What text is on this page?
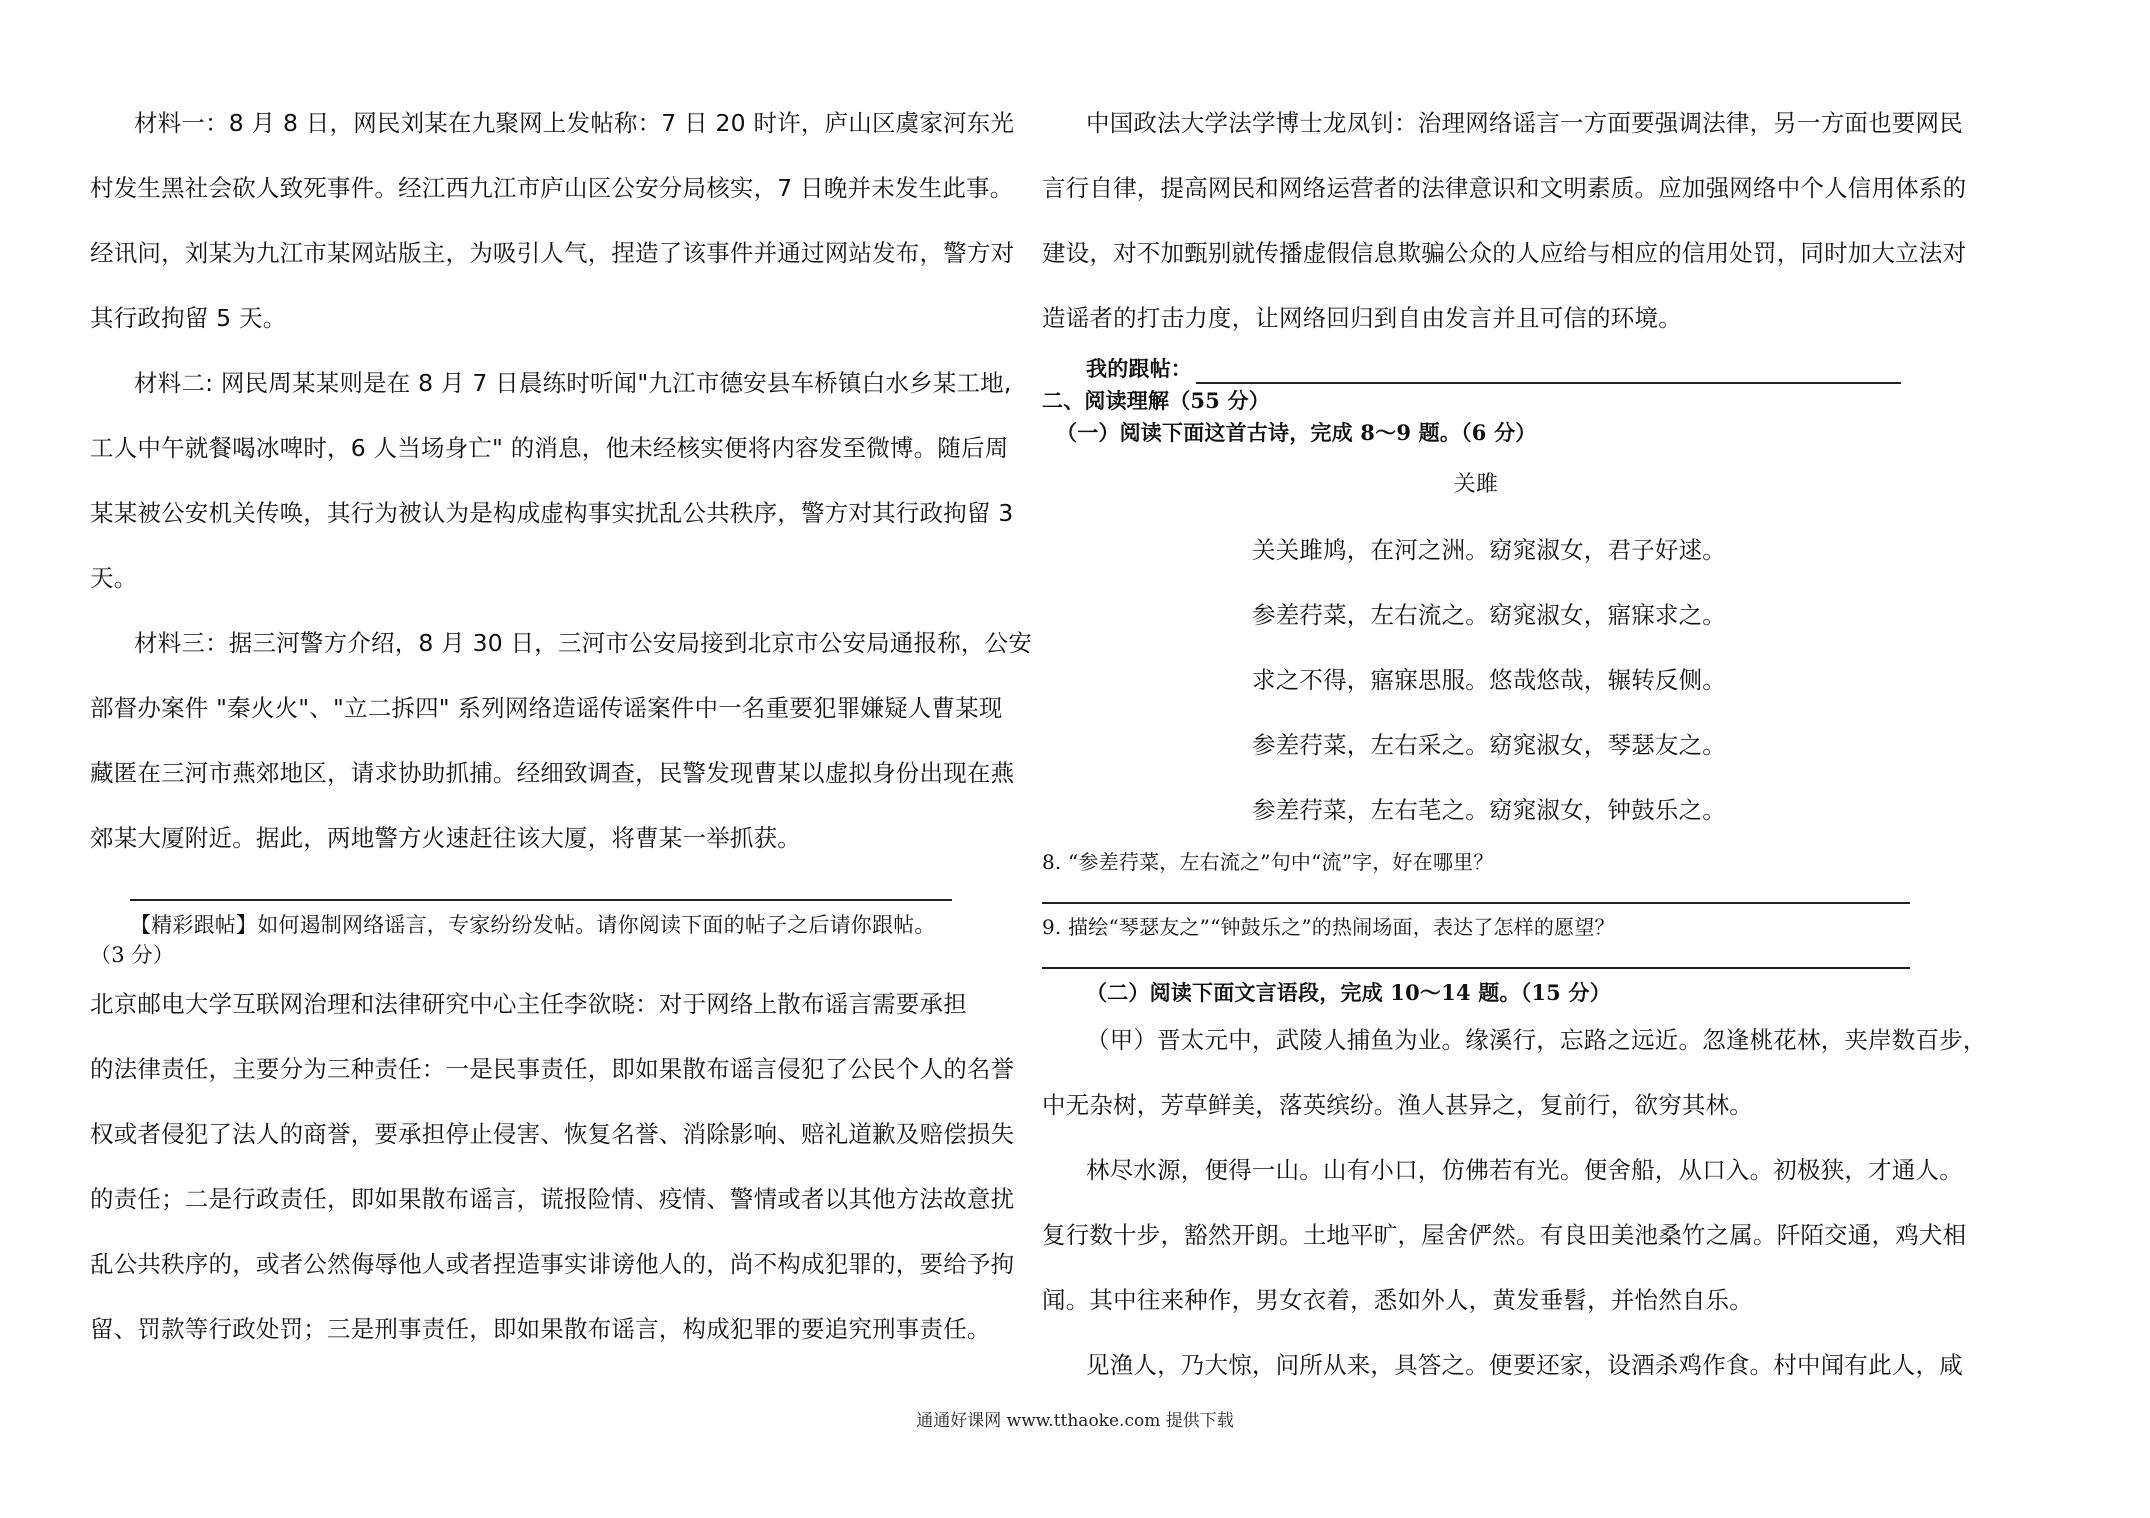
材料一：8 月 8 日，网民刘某在九聚网上发帖称：7 日 20 时许，庐山区虞家河东光
村发生黑社会砍人致死事件。经江西九江市庐山区公安分局核实，7 日晚并未发生此事。
经讯问，刘某为九江市某网站版主，为吸引人气，捏造了该事件并通过网站发布，警方对
其行政拘留 5 天。
材料二: 网民周某某则是在 8 月 7 日晨练时听闻"九江市德安县车桥镇白水乡某工地,
工人中午就餐喝冰啤时，6 人当场身亡" 的消息，他未经核实便将内容发至微博。随后周
某某被公安机关传唤，其行为被认为是构成虚构事实扰乱公共秩序，警方对其行政拘留 3
天。
材料三：据三河警方介绍，8 月 30 日，三河市公安局接到北京市公安局通报称，公安
部督办案件 "秦火火"、"立二拆四" 系列网络造谣传谣案件中一名重要犯罪嫌疑人曹某现
藏匿在三河市燕郊地区，请求协助抓捕。经细致调查，民警发现曹某以虚拟身份出现在燕
郊某大厦附近。据此，两地警方火速赶往该大厦，将曹某一举抓获。
【精彩跟帖】如何遏制网络谣言，专家纷纷发帖。请你阅读下面的帖子之后请你跟帖。
（3 分）
北京邮电大学互联网治理和法律研究中心主任李欲晓：对于网络上散布谣言需要承担
的法律责任，主要分为三种责任：一是民事责任，即如果散布谣言侵犯了公民个人的名誉
权或者侵犯了法人的商誉，要承担停止侵害、恢复名誉、消除影响、赔礼道歉及赔偿损失
的责任；二是行政责任，即如果散布谣言，谎报险情、疫情、警情或者以其他方法故意扰
乱公共秩序的，或者公然侮辱他人或者捏造事实诽谤他人的，尚不构成犯罪的，要给予拘
留、罚款等行政处罚；三是刑事责任，即如果散布谣言，构成犯罪的要追究刑事责任。
中国政法大学法学博士龙凤钊：治理网络谣言一方面要强调法律，另一方面也要网民
言行自律，提高网民和网络运营者的法律意识和文明素质。应加强网络中个人信用体系的
建设，对不加甄别就传播虚假信息欺骗公众的人应给与相应的信用处罚，同时加大立法对
造谣者的打击力度，让网络回归到自由发言并且可信的环境。
我的跟帖：
二、阅读理解（55 分）
（一）阅读下面这首古诗，完成 8～9 题。（6 分）
关雎
关关雎鸠，在河之洲。窈窕淑女，君子好逑。
参差荇菜，左右流之。窈窕淑女，寤寐求之。
求之不得，寤寐思服。悠哉悠哉，辗转反侧。
参差荇菜，左右采之。窈窕淑女，琴瑟友之。
参差荇菜，左右芼之。窈窕淑女，钟鼓乐之。
8. “参差荇菜，左右流之”句中“流”字，好在哪里？
9. 描绘“琴瑟友之”“钟鼓乐之”的热闹场面，表达了怎样的愿望？
（二）阅读下面文言语段，完成 10～14 题。（15 分）
（甲）晋太元中，武陵人捕鱼为业。缘溪行，忘路之远近。忽逢桃花林，夹岸数百步，
中无杂树，芳草鲜美，落英缤纷。渔人甚异之，复前行，欲穷其林。
林尽水源，便得一山。山有小口，仿佛若有光。便舍船，从口入。初极狭，才通人。
复行数十步，豁然开朗。土地平旷，屋舍俨然。有良田美池桑竹之属。阡陌交通，鸡犬相
闻。其中往来种作，男女衣着，悉如外人，黄发垂髫，并怡然自乐。
见渔人，乃大惊，问所从来，具答之。便要还家，设酒杀鸡作食。村中闻有此人，咸
通通好课网 www.tthaoke.com 提供下载
